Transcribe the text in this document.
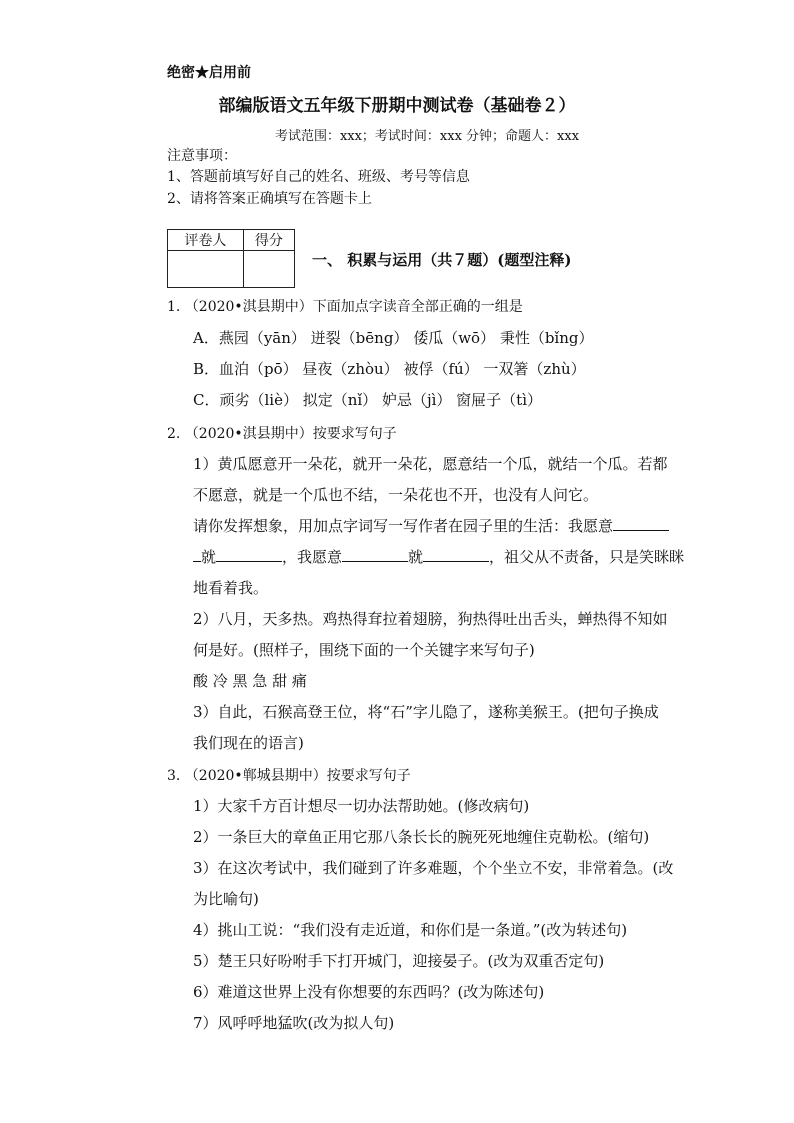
绝密★启用前
部编版语文五年级下册期中测试卷（基础卷２）
考试范围：xxx；考试时间：xxx 分钟；命题人：xxx
注意事项：
1、答题前填写好自己的姓名、班级、考号等信息
2、请将答案正确填写在答题卡上
评卷人	得分

一、 积累与运用（共７题）(题型注释)
1. （2020•淇县期中）下面加点字读音全部正确的一组是
A．燕园（yān） 迸裂（bēng） 倭瓜（wō） 秉性（bǐng）
B．血泊（pō） 昼夜（zhòu） 被俘（fú） 一双箸（zhù）
C．顽劣（liè） 拟定（nǐ） 妒忌（jì） 窗屉子（tì）
2. （2020•淇县期中）按要求写句子
1）黄瓜愿意开一朵花，就开一朵花，愿意结一个瓜，就结一个瓜。若都
不愿意，就是一个瓜也不结，一朵花也不开，也没有人问它。
请你发挥想象，用加点字词写一写作者在园子里的生活：我愿意
就	，我愿意	就	，祖父从不责备，只是笑眯眯
地看着我。
2）八月，天多热。鸡热得耷拉着翅膀，狗热得吐出舌头，蝉热得不知如
何是好。(照样子，围绕下面的一个关键字来写句子)
酸 冷 黑 急 甜 痛
3）自此，石猴高登王位，将“石”字儿隐了，遂称美猴王。(把句子换成
我们现在的语言)
3. （2020•郸城县期中）按要求写句子
1）大家千方百计想尽一切办法帮助她。(修改病句)
2）一条巨大的章鱼正用它那八条长长的腕死死地缠住克勒松。(缩句)
3）在这次考试中，我们碰到了许多难题，个个坐立不安，非常着急。(改
为比喻句)
4）挑山工说：“我们没有走近道，和你们是一条道。”(改为转述句)
5）楚王只好吩咐手下打开城门，迎接晏子。(改为双重否定句)
6）难道这世界上没有你想要的东西吗？(改为陈述句)
7）风呼呼地猛吹(改为拟人句)
